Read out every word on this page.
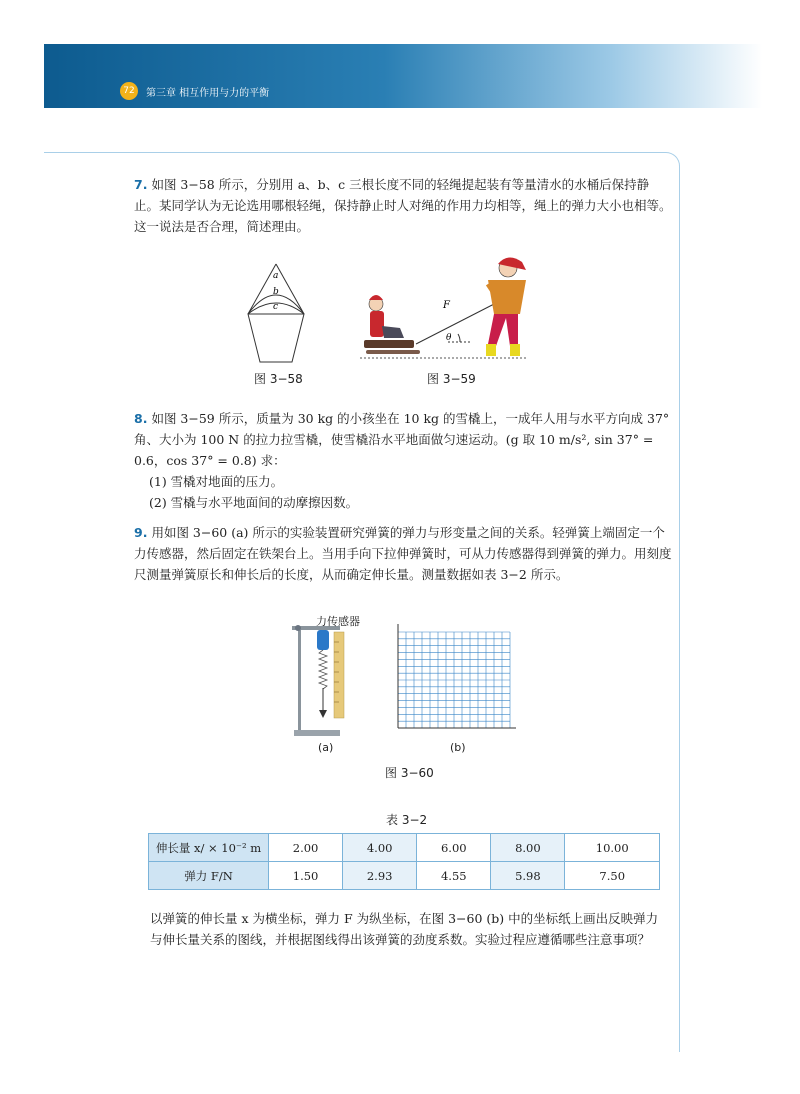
72	第三章 相互作用与力的平衡
7. 如图 3−58 所示，分别用 a、b、c 三根长度不同的轻绳提起装有等量清水的水桶后保持静止。某同学认为无论选用哪根轻绳，保持静止时人对绳的作用力均相等，绳上的弹力大小也相等。这一说法是否合理，简述理由。
a
b
c
图 3−58
F
θ
图 3−59
8. 如图 3−59 所示，质量为 30 kg 的小孩坐在 10 kg 的雪橇上，一成年人用与水平方向成 37° 角、大小为 100 N 的拉力拉雪橇，使雪橇沿水平地面做匀速运动。(g 取 10 m/s², sin 37° = 0.6，cos 37° = 0.8) 求：
(1) 雪橇对地面的压力。
(2) 雪橇与水平地面间的动摩擦因数。
9. 用如图 3−60 (a) 所示的实验装置研究弹簧的弹力与形变量之间的关系。轻弹簧上端固定一个力传感器，然后固定在铁架台上。当用手向下拉伸弹簧时，可从力传感器得到弹簧的弹力。用刻度尺测量弹簧原长和伸长后的长度，从而确定伸长量。测量数据如表 3−2 所示。
力传感器
(a)	(b)
图 3−60
表 3−2
伸长量 x/ × 10⁻² m	2.00	4.00	6.00	8.00	10.00
弹力 F/N	1.50	2.93	4.55	5.98	7.50
以弹簧的伸长量 x 为横坐标，弹力 F 为纵坐标，在图 3−60 (b) 中的坐标纸上画出反映弹力与伸长量关系的图线，并根据图线得出该弹簧的劲度系数。实验过程应遵循哪些注意事项？
